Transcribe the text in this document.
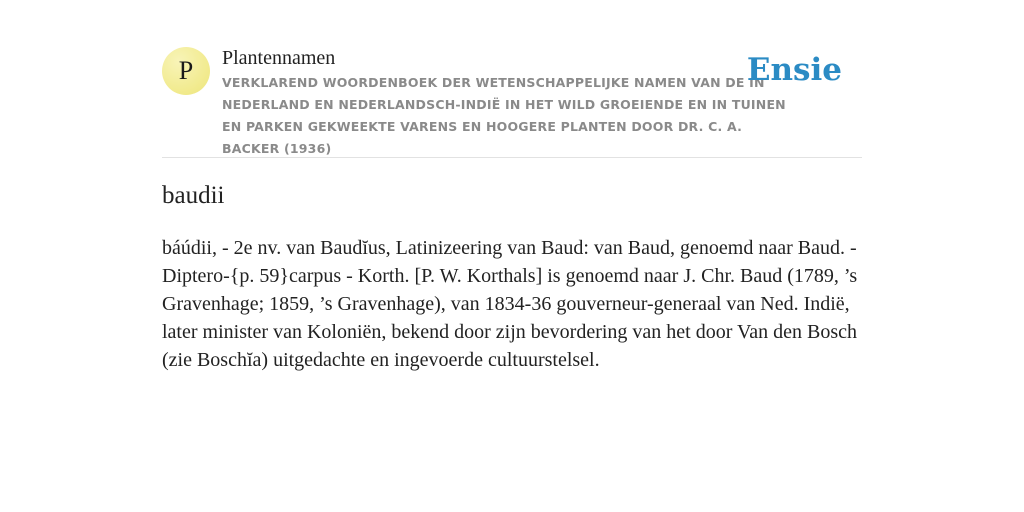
P	Plantennamen

VERKLAREND WOORDENBOEK DER WETENSCHAPPELIJKE NAMEN VAN DE IN NEDERLAND EN NEDERLANDSCH-INDIË IN HET WILD GROEIENDE EN IN TUINEN EN PARKEN GEKWEEKTE VARENS EN HOOGERE PLANTEN DOOR DR. C. A. BACKER (1936)

Ensie
baudii

báúdii, - 2e nv. van Baudĭus, Latinizeering van Baud: van Baud, genoemd naar Baud. - Diptero-{p. 59}carpus - Korth. [P. W. Korthals] is genoemd naar J. Chr. Baud (1789, ’s Gravenhage; 1859, ’s Gravenhage), van 1834-36 gouverneur-generaal van Ned. Indië, later minister van Koloniën, bekend door zijn bevordering van het door Van den Bosch (zie Boschĭa) uitgedachte en ingevoerde cultuurstelsel.
